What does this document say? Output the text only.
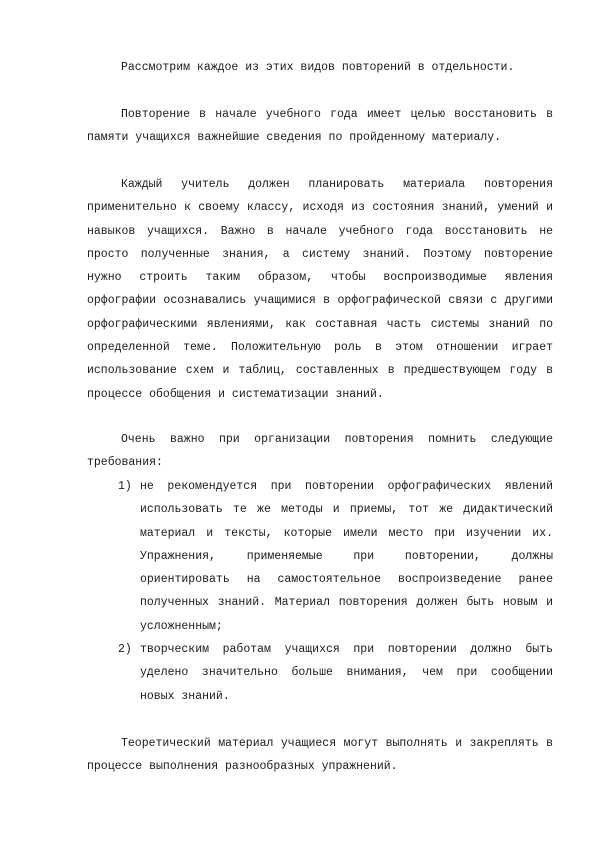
Рассмотрим каждое из этих видов повторений в отдельности.

Повторение в начале учебного года имеет целью восстановить в памяти учащихся важнейшие сведения по пройденному материалу.

Каждый учитель должен планировать материала повторения применительно к своему классу, исходя из состояния знаний, умений и навыков учащихся. Важно в начале учебного года восстановить не просто полученные знания, а систему знаний. Поэтому повторение нужно строить таким образом, чтобы воспроизводимые явления орфографии осознавались учащимися в орфографической связи с другими орфографическими явлениями, как составная часть системы знаний по определенной теме. Положительную роль в этом отношении играет использование схем и таблиц, составленных в предшествующем году в процессе обобщения и систематизации знаний.

Очень важно при организации повторения помнить следующие требования:

1) не рекомендуется при повторении орфографических явлений использовать те же методы и приемы, тот же дидактический материал и тексты, которые имели место при изучении их. Упражнения, применяемые при повторении, должны ориентировать на самостоятельное воспроизведение ранее полученных знаний. Материал повторения должен быть новым и усложненным;
2) творческим работам учащихся при повторении должно быть уделено значительно больше внимания, чем при сообщении новых знаний.

Теоретический материал учащиеся могут выполнять и закреплять в процессе выполнения разнообразных упражнений.
